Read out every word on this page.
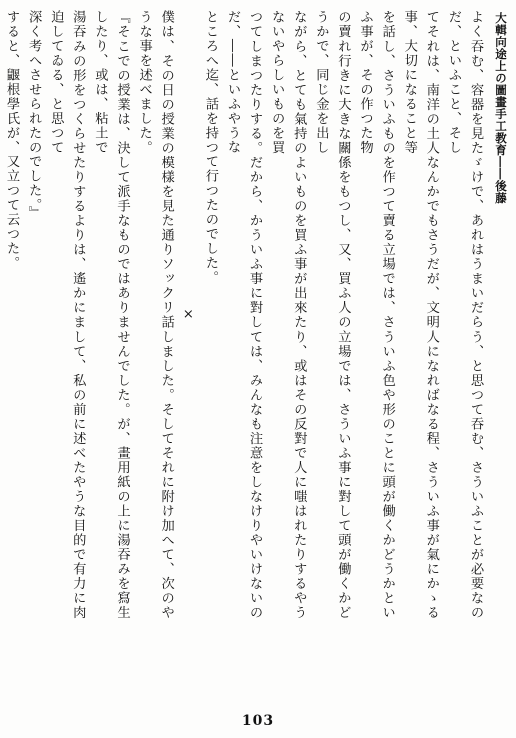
大輯向途上の圖畫手工教育――後藤

よく吞む、容器を見たゞけで、あれはうまいだらう、と思つて吞む、さういふことが必要なのだ、といふこと、そし
てそれは、南洋の土人なんかでもさうだが、文明人になればなる程、さういふ事が氣にかゝる事、大切になること等
を話し、さういふものを作つて賣る立場では、さういふ色や形のことに頭が働くかどうかといふ事が、その作つた物
の賣れ行きに大きな關係をもつし、又、買ふ人の立場では、さういふ事に對して頭が働くかどうかで、同じ金を出し
ながら、とても氣持のよいものを買ふ事が出來たり、或はその反對で人に嗤はれたりするやうないやらしいものを買
つてしまつたりする。だから、かういふ事に對しては、みんなも注意をしなけりやいけないのだ、――といふやうな
ところへ迄、話を持つて行つたのでした。

×

僕は、その日の授業の模樣を見た通りソックリ話しました。そしてそれに附け加へて、次のやうな事を述べました。
『そこでの授業は、決して派手なものではありませんでした。が、畫用紙の上に湯吞みを寫生したり、或は、粘土で
湯吞みの形をつくらせたりするよりは、遙かにまして、私の前に述べたやうな目的で有力に肉迫してゐる、と思つて
深く考へさせられたのでした。』

すると、鼴根學氏が、又立つて云つた。

103
